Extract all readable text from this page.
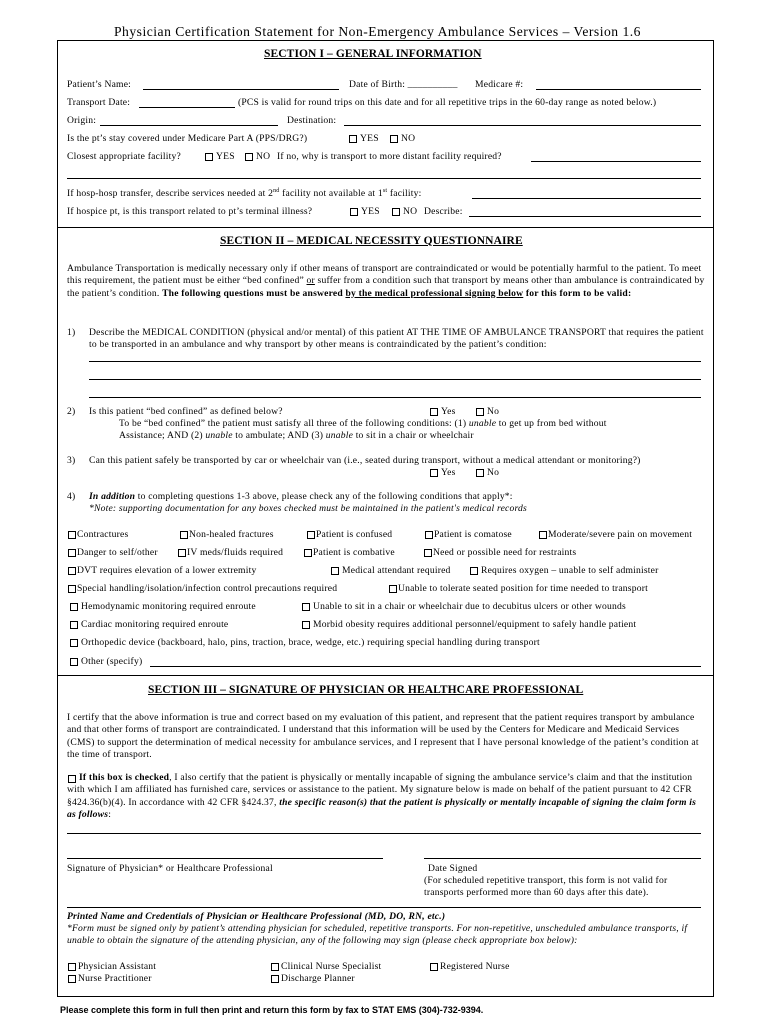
Physician Certification Statement for Non-Emergency Ambulance Services – Version 1.6
SECTION I – GENERAL INFORMATION
Patient’s Name:	Date of Birth: __________ Medicare #:
Transport Date:	(PCS is valid for round trips on this date and for all repetitive trips in the 60-day range as noted below.)
Origin:	Destination:
Is the pt’s stay covered under Medicare Part A (PPS/DRG?)	YES NO
Closest appropriate facility?	YES NO If no, why is transport to more distant facility required?
If hosp-hosp transfer, describe services needed at 2nd facility not available at 1st facility:
If hospice pt, is this transport related to pt’s terminal illness?	YES NO Describe:
SECTION II – MEDICAL NECESSITY QUESTIONNAIRE
Ambulance Transportation is medically necessary only if other means of transport are contraindicated or would be potentially harmful to the patient. To meet this requirement, the patient must be either “bed confined” or suffer from a condition such that transport by means other than ambulance is contraindicated by the patient’s condition. The following questions must be answered by the medical professional signing below for this form to be valid:
1) Describe the MEDICAL CONDITION (physical and/or mental) of this patient AT THE TIME OF AMBULANCE TRANSPORT that requires the patient to be transported in an ambulance and why transport by other means is contraindicated by the patient’s condition:
2) Is this patient “bed confined” as defined below?	Yes	No
To be “bed confined” the patient must satisfy all three of the following conditions: (1) unable to get up from bed without
Assistance; AND (2) unable to ambulate; AND (3) unable to sit in a chair or wheelchair
3) Can this patient safely be transported by car or wheelchair van (i.e., seated during transport, without a medical attendant or monitoring?)
Yes	No
4) In addition to completing questions 1-3 above, please check any of the following conditions that apply*:
*Note: supporting documentation for any boxes checked must be maintained in the patient's medical records
Contractures	Non-healed fractures	Patient is confused	Patient is comatose	Moderate/severe pain on movement
Danger to self/other	IV meds/fluids required	Patient is combative	Need or possible need for restraints
DVT requires elevation of a lower extremity	Medical attendant required	Requires oxygen – unable to self administer
Special handling/isolation/infection control precautions required	Unable to tolerate seated position for time needed to transport
Hemodynamic monitoring required enroute	Unable to sit in a chair or wheelchair due to decubitus ulcers or other wounds
Cardiac monitoring required enroute	Morbid obesity requires additional personnel/equipment to safely handle patient
Orthopedic device (backboard, halo, pins, traction, brace, wedge, etc.) requiring special handling during transport
Other (specify)
SECTION III – SIGNATURE OF PHYSICIAN OR HEALTHCARE PROFESSIONAL
I certify that the above information is true and correct based on my evaluation of this patient, and represent that the patient requires transport by ambulance and that other forms of transport are contraindicated. I understand that this information will be used by the Centers for Medicare and Medicaid Services (CMS) to support the determination of medical necessity for ambulance services, and I represent that I have personal knowledge of the patient’s condition at the time of transport.
If this box is checked, I also certify that the patient is physically or mentally incapable of signing the ambulance service’s claim and that the institution with which I am affiliated has furnished care, services or assistance to the patient. My signature below is made on behalf of the patient pursuant to 42 CFR §424.36(b)(4). In accordance with 42 CFR §424.37, the specific reason(s) that the patient is physically or mentally incapable of signing the claim form is as follows:
Signature of Physician* or Healthcare Professional	Date Signed
(For scheduled repetitive transport, this form is not valid for transports performed more than 60 days after this date).
Printed Name and Credentials of Physician or Healthcare Professional (MD, DO, RN, etc.)
*Form must be signed only by patient’s attending physician for scheduled, repetitive transports. For non-repetitive, unscheduled ambulance transports, if unable to obtain the signature of the attending physician, any of the following may sign (please check appropriate box below):
Physician Assistant	Clinical Nurse Specialist	Registered Nurse
Nurse Practitioner	Discharge Planner
Please complete this form in full then print and return this form by fax to STAT EMS (304)-732-9394.
